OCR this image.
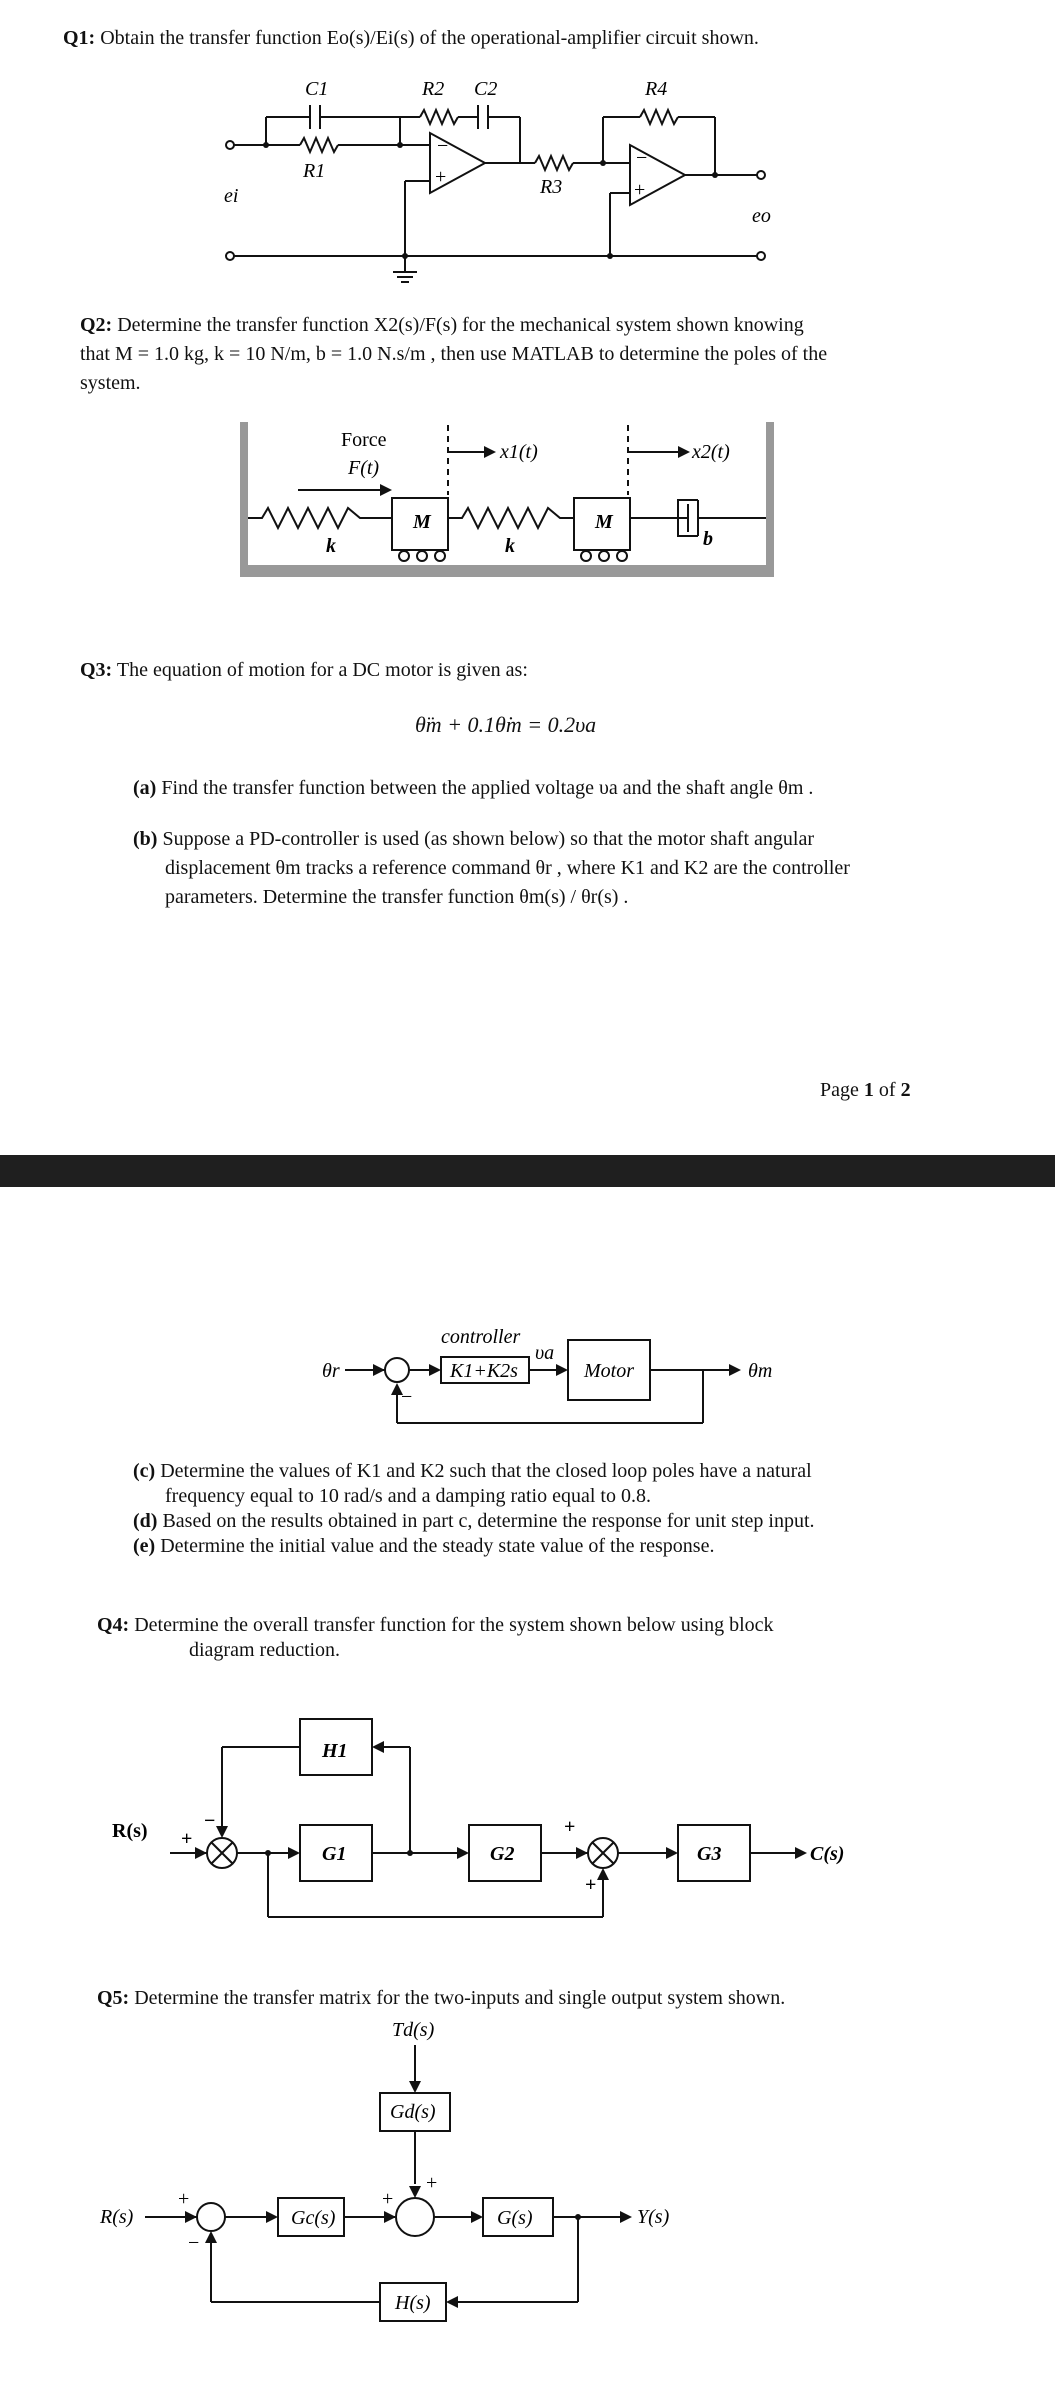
Q1: Obtain the transfer function Eo(s)/Ei(s) of the operational-amplifier circuit shown.
−
+
−
+
C1
R1
R2 C2
R3
R4
ei
eo
Q2: Determine the transfer function X2(s)/F(s) for the mechanical system shown knowing
that M = 1.0 kg, k = 10 N/m, b = 1.0 N.s/m , then use MATLAB to determine the poles of the
system.
Force
F(t)
M	M
k	k
x1(t)	x2(t)
b
Q3: The equation of motion for a DC motor is given as:
θ̈m + 0.1θ̇m = 0.2υa
(a) Find the transfer function between the applied voltage υa and the shaft angle θm .
(b) Suppose a PD-controller is used (as shown below) so that the motor shaft angular
displacement θm tracks a reference command θr , where K1 and K2 are the controller
parameters. Determine the transfer function θm(s) / θr(s) .
Page 1 of 2
controller
K1+K2s
υa
Motor
θr	θm
−
(c) Determine the values of K1 and K2 such that the closed loop poles have a natural
frequency equal to 10 rad/s and a damping ratio equal to 0.8.
(d) Based on the results obtained in part c, determine the response for unit step input.
(e) Determine the initial value and the steady state value of the response.
Q4: Determine the overall transfer function for the system shown below using block
diagram reduction.
H1
G1	G2	G3
R(s)
C(s)
+
−	+
+
Q5: Determine the transfer matrix for the two-inputs and single output system shown.
Td(s)
Gd(s)
Gc(s)	G(s)
H(s)
R(s)	Y(s)
+
−
+
+
